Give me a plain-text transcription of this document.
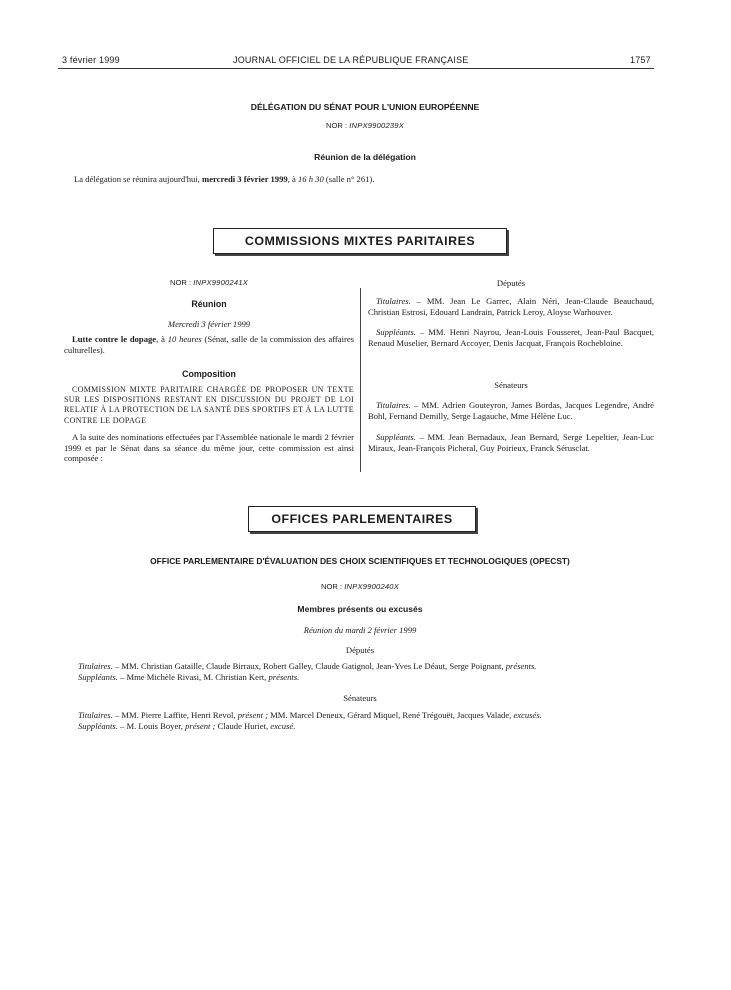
3 février 1999	JOURNAL OFFICIEL DE LA RÉPUBLIQUE FRANÇAISE	1757
DÉLÉGATION DU SÉNAT POUR L'UNION EUROPÉENNE
NOR : INPX9900239X
Réunion de la délégation
La délégation se réunira aujourd'hui, mercredi 3 février 1999, à 16 h 30 (salle n° 261).
COMMISSIONS MIXTES PARITAIRES
NOR : INPX9900241X
Réunion
Mercredi 3 février 1999
Lutte contre le dopage, à 10 heures (Sénat, salle de la commission des affaires culturelles).
Composition
COMMISSION MIXTE PARITAIRE CHARGÉE DE PROPOSER UN TEXTE SUR LES DISPOSITIONS RESTANT EN DISCUSSION DU PROJET DE LOI RELATIF À LA PROTECTION DE LA SANTÉ DES SPORTIFS ET À LA LUTTE CONTRE LE DOPAGE
A la suite des nominations effectuées par l'Assemblée nationale le mardi 2 février 1999 et par le Sénat dans sa séance du même jour, cette commission est ainsi composée :
Députés
Titulaires. – MM. Jean Le Garrec, Alain Néri, Jean-Claude Beauchaud, Christian Estrosi, Edouard Landrain, Patrick Leroy, Aloyse Warhouver.
Suppléants. – MM. Henri Nayrou, Jean-Louis Fousseret, Jean-Paul Bacquet, Renaud Muselier, Bernard Accoyer, Denis Jacquat, François Rochebloine.
Sénateurs
Titulaires. – MM. Adrien Gouteyron, James Bordas, Jacques Legendre, André Bohl, Fernand Demilly, Serge Lagauche, Mme Hélène Luc.
Suppléants. – MM. Jean Bernadaux, Jean Bernard, Serge Lepeltier, Jean-Luc Miraux, Jean-François Picheral, Guy Poirieux, Franck Sérusclat.
OFFICES PARLEMENTAIRES
OFFICE PARLEMENTAIRE D'ÉVALUATION DES CHOIX SCIENTIFIQUES ET TECHNOLOGIQUES (OPECST)
NOR : INPX9900240X
Membres présents ou excusés
Réunion du mardi 2 février 1999
Députés
Titulaires. – MM. Christian Gataille, Claude Birraux, Robert Galley, Claude Gatignol, Jean-Yves Le Déaut, Serge Poignant, présents.
Suppléants. – Mme Michèle Rivasi, M. Christian Kert, présents.
Sénateurs
Titulaires. – MM. Pierre Laffite, Henri Revol, présent ; MM. Marcel Deneux, Gérard Miquel, René Trégouët, Jacques Valade, excusés.
Suppléants. – M. Louis Boyer, présent ; Claude Huriet, excusé.
